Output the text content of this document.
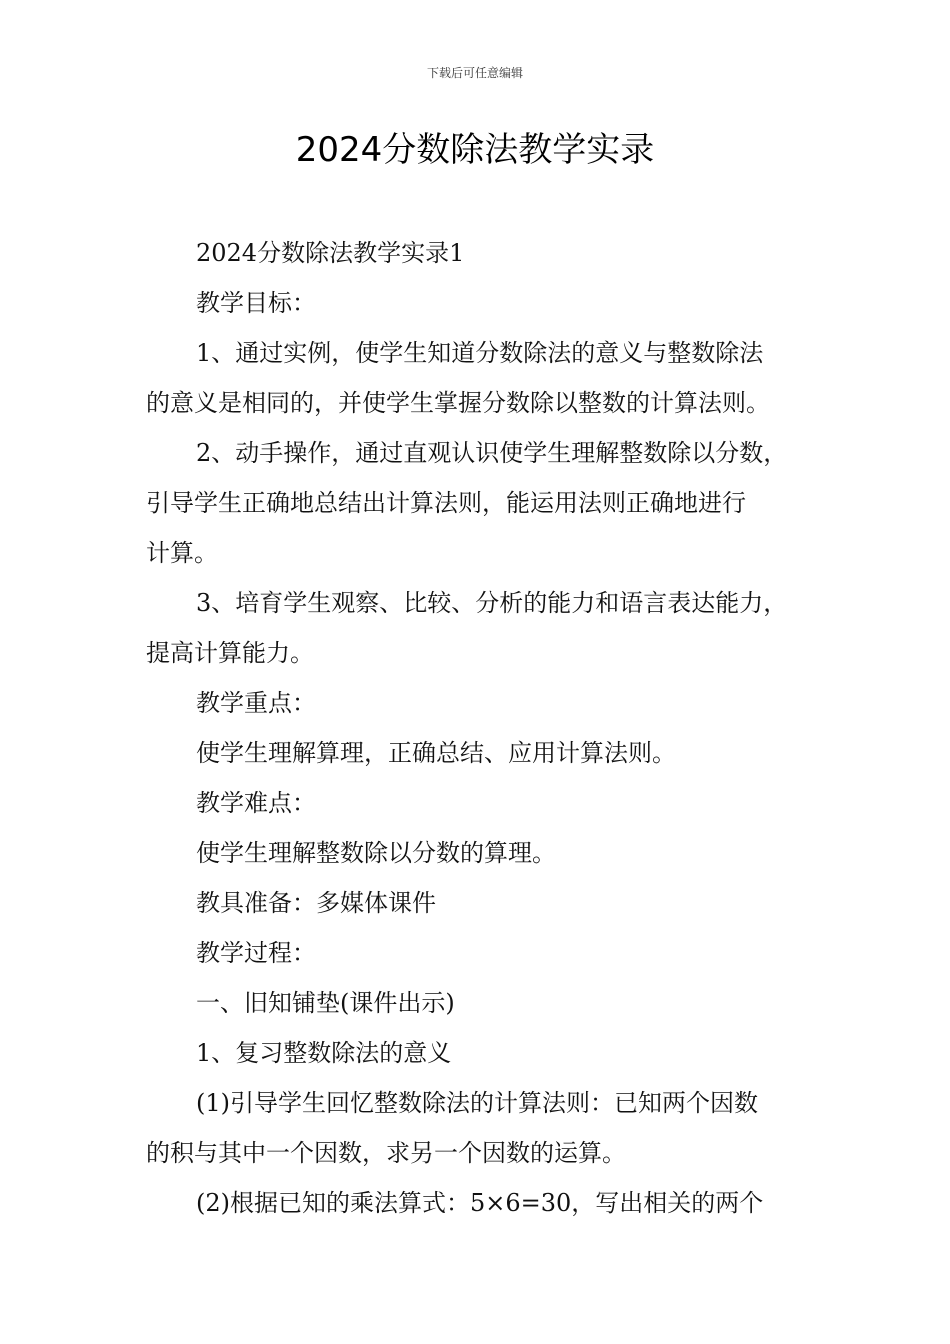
下载后可任意编辑
2024分数除法教学实录

2024分数除法教学实录1

教学目标：

1、通过实例，使学生知道分数除法的意义与整数除法

的意义是相同的，并使学生掌握分数除以整数的计算法则。

2、动手操作，通过直观认识使学生理解整数除以分数，

引导学生正确地总结出计算法则，能运用法则正确地进行

计算。

3、培育学生观察、比较、分析的能力和语言表达能力，

提高计算能力。

教学重点：

使学生理解算理，正确总结、应用计算法则。

教学难点：

使学生理解整数除以分数的算理。

教具准备：多媒体课件

教学过程：

一、旧知铺垫(课件出示)

1、复习整数除法的意义

(1)引导学生回忆整数除法的计算法则：已知两个因数

的积与其中一个因数，求另一个因数的运算。

(2)根据已知的乘法算式：5×6=30，写出相关的两个
